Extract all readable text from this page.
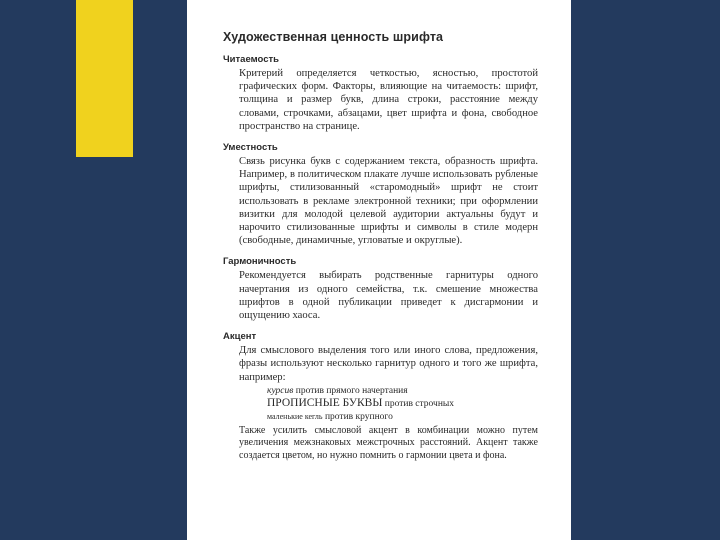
Художественная ценность шрифта
Читаемость
Критерий определяется четкостью, ясностью, простотой графических форм. Факторы, влияющие на читаемость: шрифт, толщина и размер букв, длина строки, расстояние между словами, строчками, абзацами, цвет шрифта и фона, свободное пространство на странице.
Уместность
Связь рисунка букв с содержанием текста, образность шрифта. Например, в политическом плакате лучше использовать рубленые шрифты, стилизованный «старомодный» шрифт не стоит использовать в рекламе электронной техники; при оформлении визитки для молодой целевой аудитории актуальны будут и нарочито стилизованные шрифты и символы в стиле модерн (свободные, динамичные, угловатые и округлые).
Гармоничность
Рекомендуется выбирать родственные гарнитуры одного начертания из одного семейства, т.к. смешение множества шрифтов в одной публикации приведет к дисгармонии и ощущению хаоса.
Акцент
Для смыслового выделения того или иного слова, предложения, фразы используют несколько гарнитур одного и того же шрифта, например:
курсив против прямого начертания
ПРОПИСНЫЕ БУКВЫ против строчных
маленькие кегль против крупного
Также усилить смысловой акцент в комбинации можно путем увеличения межзнаковых межстрочных расстояний. Акцент также создается цветом, но нужно помнить о гармонии цвета и фона.
